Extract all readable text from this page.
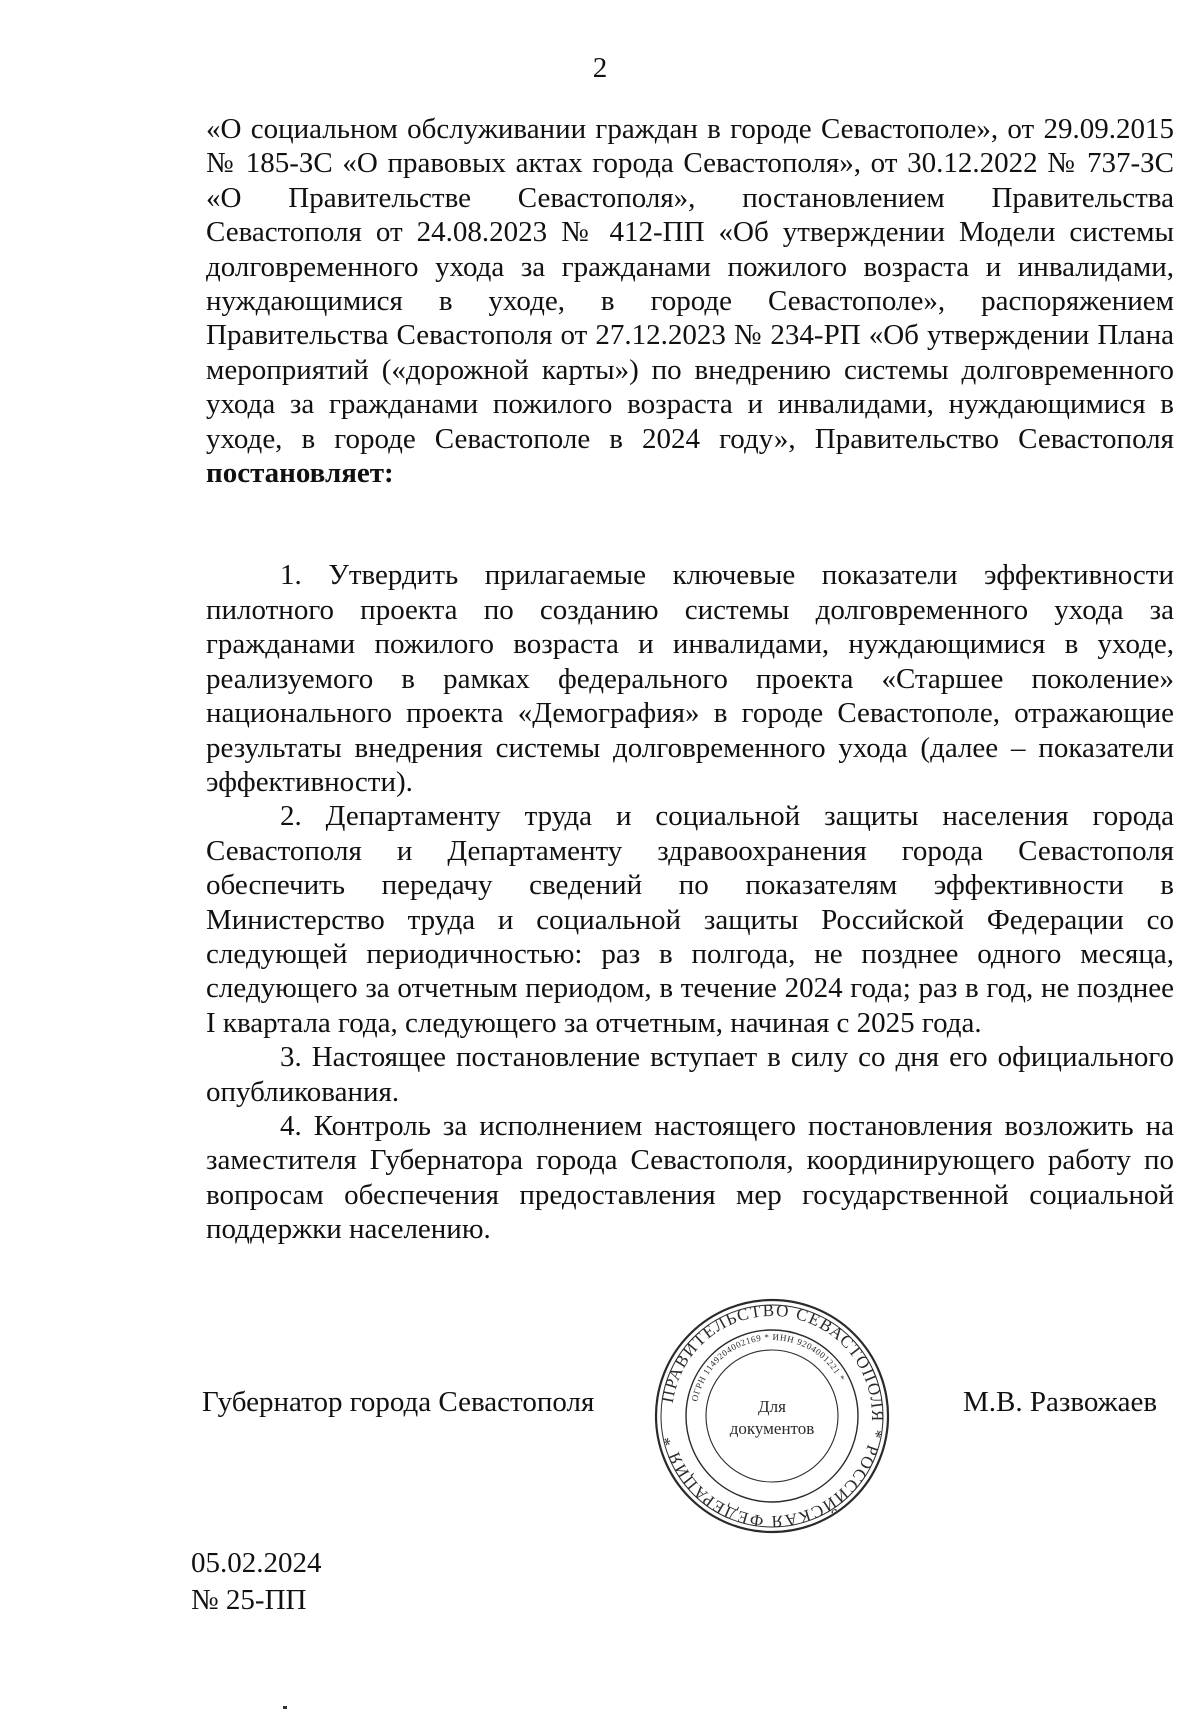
2

«О социальном обслуживании граждан в городе Севастополе», от 29.09.2015 № 185-ЗС «О правовых актах города Севастополя», от 30.12.2022 № 737-ЗС «О Правительстве Севастополя», постановлением Правительства Севастополя от 24.08.2023 № 412-ПП «Об утверждении Модели системы долговременного ухода за гражданами пожилого возраста и инвалидами, нуждающимися в уходе, в городе Севастополе», распоряжением Правительства Севастополя от 27.12.2023 № 234-РП «Об утверждении Плана мероприятий («дорожной карты») по внедрению системы долговременного ухода за гражданами пожилого возраста и инвалидами, нуждающимися в уходе, в городе Севастополе в 2024 году», Правительство Севастополя постановляет:

1. Утвердить прилагаемые ключевые показатели эффективности пилотного проекта по созданию системы долговременного ухода за гражданами пожилого возраста и инвалидами, нуждающимися в уходе, реализуемого в рамках федерального проекта «Старшее поколение» национального проекта «Демография» в городе Севастополе, отражающие результаты внедрения системы долговременного ухода (далее – показатели эффективности).

2. Департаменту труда и социальной защиты населения города Севастополя и Департаменту здравоохранения города Севастополя обеспечить передачу сведений по показателям эффективности в Министерство труда и социальной защиты Российской Федерации со следующей периодичностью: раз в полгода, не позднее одного месяца, следующего за отчетным периодом, в течение 2024 года; раз в год, не позднее I квартала года, следующего за отчетным, начиная с 2025 года.

3. Настоящее постановление вступает в силу со дня его официального опубликования.

4. Контроль за исполнением настоящего постановления возложить на заместителя Губернатора города Севастополя, координирующего работу по вопросам обеспечения предоставления мер государственной социальной поддержки населению.

Губернатор города Севастополя	ПРАВИТЕЛЬСТВО СЕВАСТОПОЛЯ * РОССИЙСКАЯ ФЕДЕРАЦИЯ *
ОГРН 1149204002169 * ИНН 9204001221 *
Для
документов
М.В. Развожаев
05.02.2024
№ 25-ПП
